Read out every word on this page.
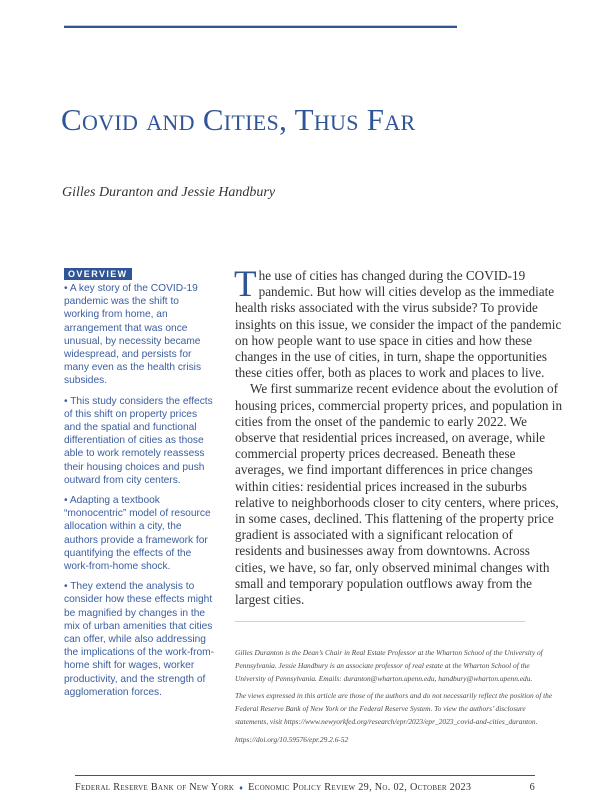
Covid and Cities, Thus Far

Gilles Duranton and Jessie Handbury

OVERVIEW

• A key story of the COVID-19 pandemic was the shift to working from home, an arrangement that was once unusual, by necessity became widespread, and persists for many even as the health crisis subsides.

• This study considers the effects of this shift on property prices and the spatial and functional differentiation of cities as those able to work remotely reassess their housing choices and push outward from city centers.

• Adapting a textbook “monocentric” model of resource allocation within a city, the authors provide a framework for quantifying the effects of the work-from-home shock.

• They extend the analysis to consider how these effects might be magnified by changes in the mix of urban amenities that cities can offer, while also addressing the implications of the work-from-home shift for wages, worker productivity, and the strength of agglomeration forces.

The use of cities has changed during the COVID-19 pandemic. But how will cities develop as the immediate health risks associated with the virus subside? To provide insights on this issue, we consider the impact of the pandemic on how people want to use space in cities and how these changes in the use of cities, in turn, shape the opportunities these cities offer, both as places to work and places to live.

We first summarize recent evidence about the evolution of housing prices, commercial property prices, and population in cities from the onset of the pandemic to early 2022. We observe that residential prices increased, on average, while commercial property prices decreased. Beneath these averages, we find important differences in price changes within cities: residential prices increased in the suburbs relative to neighborhoods closer to city centers, where prices, in some cases, declined. This flattening of the property price gradient is associated with a significant relocation of residents and businesses away from downtowns. Across cities, we have, so far, only observed minimal changes with small and temporary population outflows away from the largest cities.

Gilles Duranton is the Dean’s Chair in Real Estate Professor at the Wharton School of the University of Pennsylvania. Jessie Handbury is an associate professor of real estate at the Wharton School of the University of Pennsylvania. Emails: duranton@wharton.upenn.edu, handbury@wharton.upenn.edu.

The views expressed in this article are those of the authors and do not necessarily reflect the position of the Federal Reserve Bank of New York or the Federal Reserve System. To view the authors’ disclosure statements, visit https://www.newyorkfed.org/research/epr/2023/epr_2023_covid-and-cities_duranton.

https://doi.org/10.59576/epr.29.2.6-52

Federal Reserve Bank of New York ♦ Economic Policy Review 29, No. 02, October 2023	6
